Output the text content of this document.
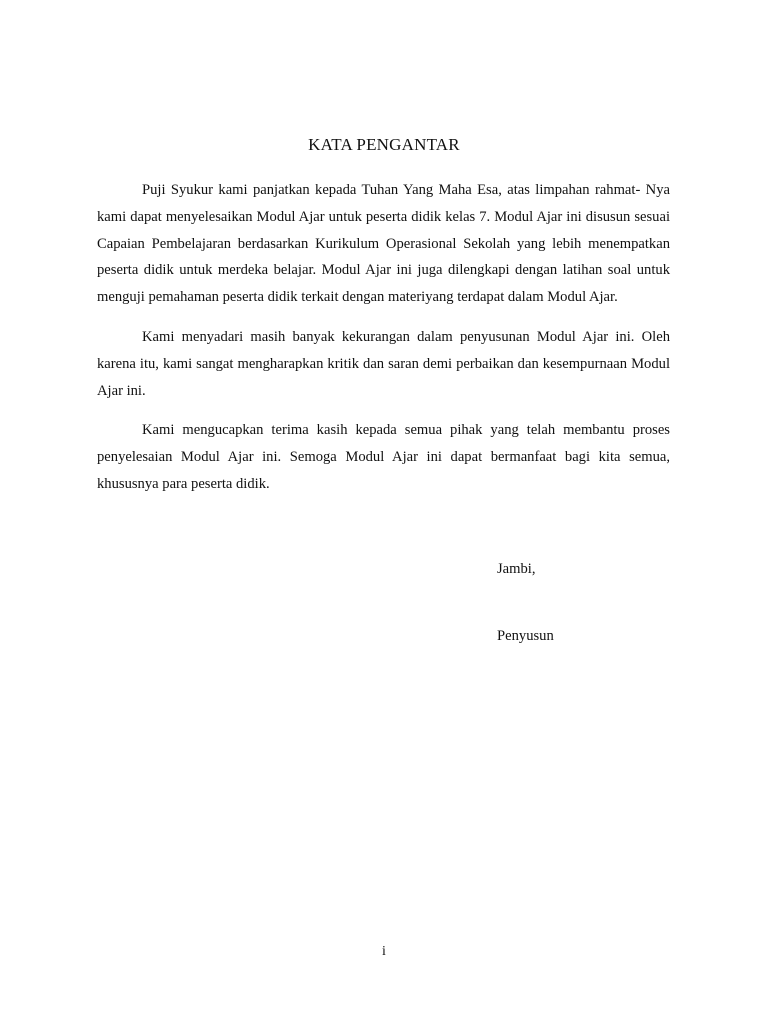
KATA PENGANTAR

Puji Syukur kami panjatkan kepada Tuhan Yang Maha Esa, atas limpahan rahmat- Nya kami dapat menyelesaikan Modul Ajar untuk peserta didik kelas 7. Modul Ajar ini disusun sesuai Capaian Pembelajaran berdasarkan Kurikulum Operasional Sekolah yang lebih menempatkan peserta didik untuk merdeka belajar. Modul Ajar ini juga dilengkapi dengan latihan soal untuk menguji pemahaman peserta didik terkait dengan materiyang terdapat dalam Modul Ajar.

Kami menyadari masih banyak kekurangan dalam penyusunan Modul Ajar ini. Oleh karena itu, kami sangat mengharapkan kritik dan saran demi perbaikan dan kesempurnaan Modul Ajar ini.

Kami mengucapkan terima kasih kepada semua pihak yang telah membantu proses penyelesaian Modul Ajar ini. Semoga Modul Ajar ini dapat bermanfaat bagi kita semua, khususnya para peserta didik.

Jambi,

Penyusun

i
